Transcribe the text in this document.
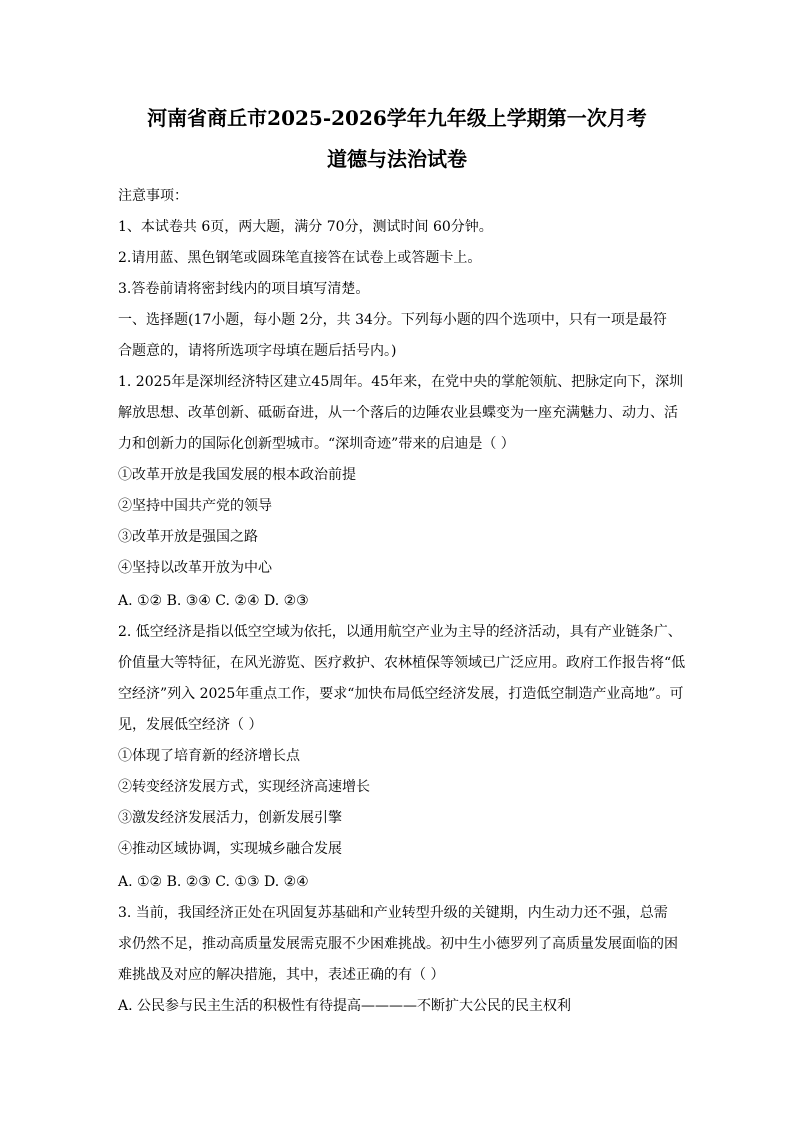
河南省商丘市2025-2026学年九年级上学期第一次月考
道德与法治试卷
注意事项：
1、本试卷共 6页，两大题，满分 70分，测试时间 60分钟。
2.请用蓝、黑色钢笔或圆珠笔直接答在试卷上或答题卡上。
3.答卷前请将密封线内的项目填写清楚。
一、选择题(17小题，每小题 2分，共 34分。下列每小题的四个选项中，只有一项是最符
合题意的，请将所选项字母填在题后括号内。)
1. 2025年是深圳经济特区建立45周年。45年来，在党中央的掌舵领航、把脉定向下，深圳
解放思想、改革创新、砥砺奋进，从一个落后的边陲农业县蝶变为一座充满魅力、动力、活
力和创新力的国际化创新型城市。“深圳奇迹”带来的启迪是（ ）
①改革开放是我国发展的根本政治前提
②坚持中国共产党的领导
③改革开放是强国之路
④坚持以改革开放为中心
A. ①② B. ③④ C. ②④ D. ②③
2. 低空经济是指以低空空域为依托，以通用航空产业为主导的经济活动，具有产业链条广、
价值量大等特征，在风光游览、医疗救护、农林植保等领域已广泛应用。政府工作报告将“低
空经济”列入 2025年重点工作，要求“加快布局低空经济发展，打造低空制造产业高地”。可
见，发展低空经济（ ）
①体现了培育新的经济增长点
②转变经济发展方式，实现经济高速增长
③激发经济发展活力，创新发展引擎
④推动区域协调，实现城乡融合发展
A. ①② B. ②③ C. ①③ D. ②④
3. 当前，我国经济正处在巩固复苏基础和产业转型升级的关键期，内生动力还不强，总需
求仍然不足，推动高质量发展需克服不少困难挑战。初中生小德罗列了高质量发展面临的困
难挑战及对应的解决措施，其中，表述正确的有（ ）
A. 公民参与民主生活的积极性有待提高————不断扩大公民的民主权利
